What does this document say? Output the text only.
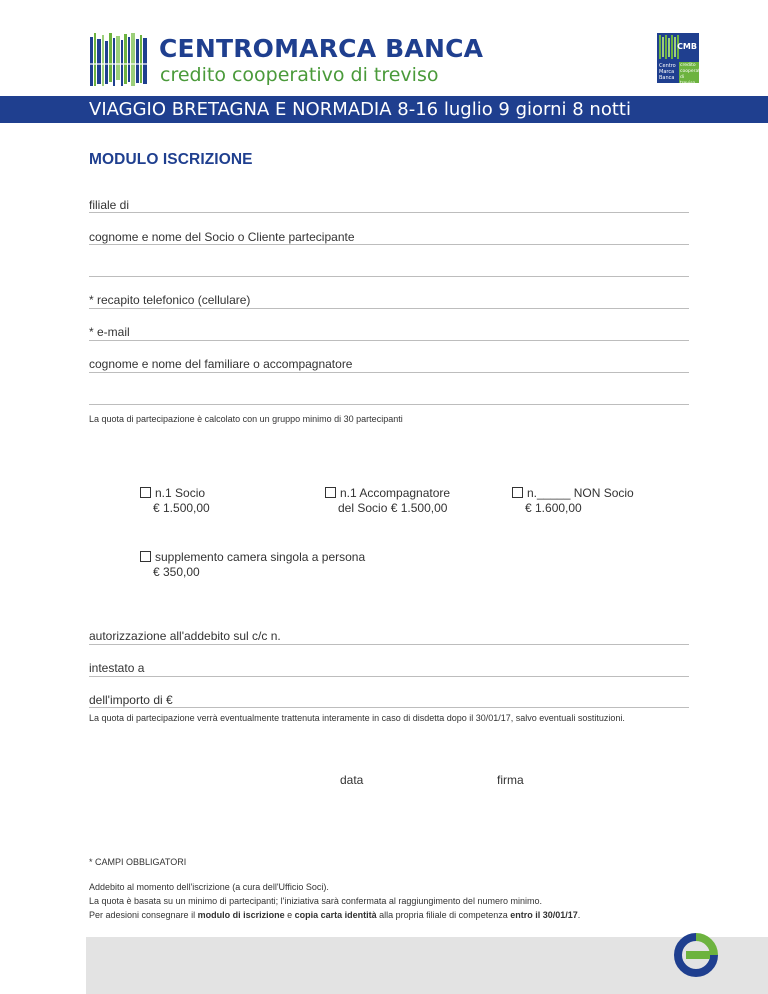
CENTROMARCA BANCA
credito cooperativo di treviso
CMB
Centro
Marca
Banca
credito
cooperativo
di treviso
VIAGGIO BRETAGNA E NORMADIA 8-16 luglio 9 giorni 8 notti
MODULO ISCRIZIONE
filiale di
cognome e nome del Socio o Cliente partecipante
* recapito telefonico (cellulare)
* e-mail
cognome e nome del familiare o accompagnatore
La quota di partecipazione è calcolato con un gruppo minimo di 30 partecipanti
n.1 Socio
€ 1.500,00
n.1 Accompagnatore
del Socio € 1.500,00
n._____ NON Socio
€ 1.600,00
supplemento camera singola a persona
€ 350,00
autorizzazione all'addebito sul c/c n.
intestato a
dell'importo di €
La quota di partecipazione verrà eventualmente trattenuta interamente in caso di disdetta dopo il 30/01/17, salvo eventuali sostituzioni.
data	firma
* CAMPI OBBLIGATORI
Addebito al momento dell'iscrizione (a cura dell'Ufficio Soci).
La quota è basata su un minimo di partecipanti; l'iniziativa sarà confermata al raggiungimento del numero minimo.
Per adesioni consegnare il modulo di iscrizione e copia carta identità alla propria filiale di competenza entro il 30/01/17.
